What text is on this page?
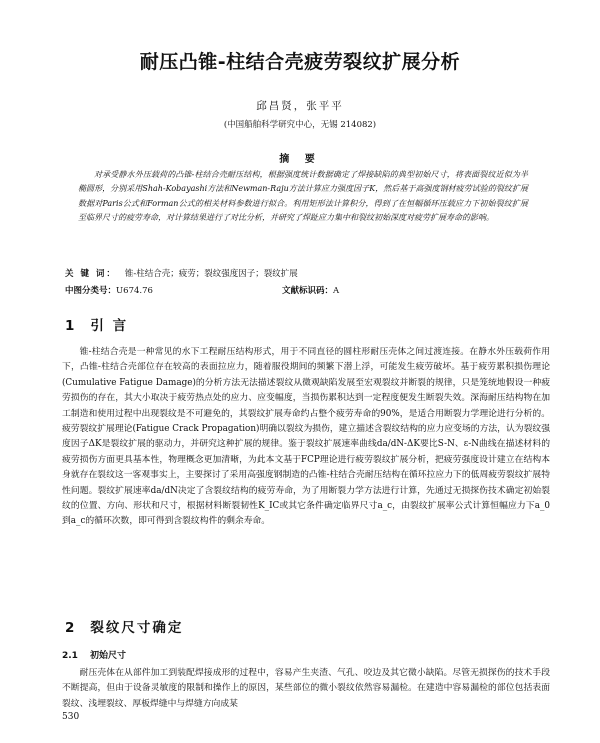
耐压凸锥-柱结合壳疲劳裂纹扩展分析
邱昌贤，张平平
(中国船舶科学研究中心，无锡 214082)
摘 要
对承受静水外压载荷的凸锥-柱结合壳耐压结构，根据强度统计数据确定了焊接缺陷的典型初始尺寸，将表面裂纹近似为半椭圆形，分别采用Shah-Kobayashi方法和Newman-Raju方法计算应力强度因子K，然后基于高强度钢材疲劳试验的裂纹扩展数据对Paris公式和Forman公式的相关材料参数进行拟合。利用矩形法计算积分，得到了在恒幅循环压载应力下初始裂纹扩展至临界尺寸的疲劳寿命，对计算结果进行了对比分析，并研究了焊趾应力集中和裂纹初始深度对疲劳扩展寿命的影响。
关 键 词： 锥-柱结合壳；疲劳；裂纹强度因子；裂纹扩展
中图分类号：U674.76	文献标识码：A
1 引 言
锥-柱结合壳是一种常见的水下工程耐压结构形式，用于不同直径的圆柱形耐压壳体之间过渡连接。在静水外压载荷作用下，凸锥-柱结合壳部位存在较高的表面拉应力，随着服役期间的频繁下潜上浮，可能发生疲劳破坏。基于疲劳累积损伤理论(Cumulative Fatigue Damage)的分析方法无法描述裂纹从微观缺陷发展至宏观裂纹并断裂的规律，只是笼统地假设一种疲劳损伤的存在，其大小取决于疲劳热点处的应力、应变幅度，当损伤累积达到一定程度便发生断裂失效。深海耐压结构物在加工制造和使用过程中出现裂纹是不可避免的，其裂纹扩展寿命约占整个疲劳寿命的90%，是适合用断裂力学理论进行分析的。疲劳裂纹扩展理论(Fatigue Crack Propagation)明确以裂纹为损伤，建立描述含裂纹结构的应力应变场的方法，认为裂纹强度因子ΔK是裂纹扩展的驱动力，并研究这种扩展的规律。鉴于裂纹扩展速率曲线da/dN-ΔK要比S-N、ε-N曲线在描述材料的疲劳损伤方面更具基本性，物理概念更加清晰，为此本文基于FCP理论进行疲劳裂纹扩展分析，把疲劳强度设计建立在结构本身就存在裂纹这一客观事实上，主要探讨了采用高强度钢制造的凸锥-柱结合壳耐压结构在循环拉应力下的低周疲劳裂纹扩展特性问题。裂纹扩展速率da/dN决定了含裂纹结构的疲劳寿命，为了用断裂力学方法进行计算，先通过无损探伤技术确定初始裂纹的位置、方向、形状和尺寸，根据材料断裂韧性K_IC或其它条件确定临界尺寸a_c，由裂纹扩展率公式计算恒幅应力下a_0到a_c的循环次数，即可得到含裂纹构件的剩余寿命。
2 裂纹尺寸确定
2.1 初始尺寸
耐压壳体在从部件加工到装配焊接成形的过程中，容易产生夹渣、气孔、咬边及其它微小缺陷。尽管无损探伤的技术手段不断提高，但由于设备灵敏度的限制和操作上的原因，某些部位的微小裂纹依然容易漏检。在建造中容易漏检的部位包括表面裂纹、浅埋裂纹、厚板焊缝中与焊缝方向成某
530
